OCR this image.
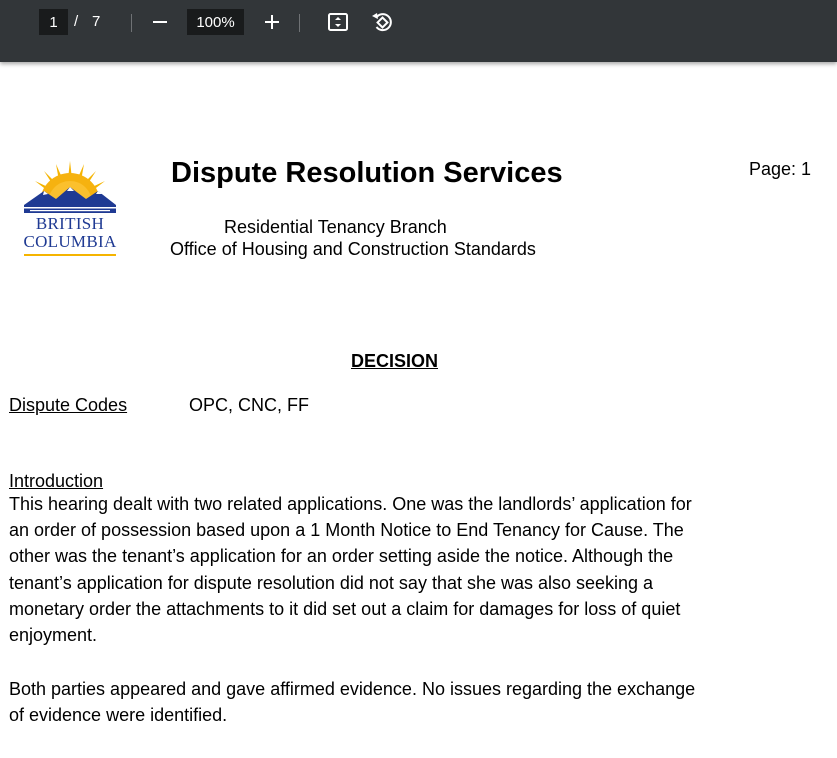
1
/ 7
100%
BRITISH
COLUMBIA
Dispute Resolution Services	Page: 1
Residential Tenancy Branch
Office of Housing and Construction Standards
DECISION
Dispute Codes	OPC, CNC, FF
Introduction
This hearing dealt with two related applications. One was the landlords’ application for
an order of possession based upon a 1 Month Notice to End Tenancy for Cause. The
other was the tenant’s application for an order setting aside the notice. Although the
tenant’s application for dispute resolution did not say that she was also seeking a
monetary order the attachments to it did set out a claim for damages for loss of quiet
enjoyment.
Both parties appeared and gave affirmed evidence. No issues regarding the exchange
of evidence were identified.
